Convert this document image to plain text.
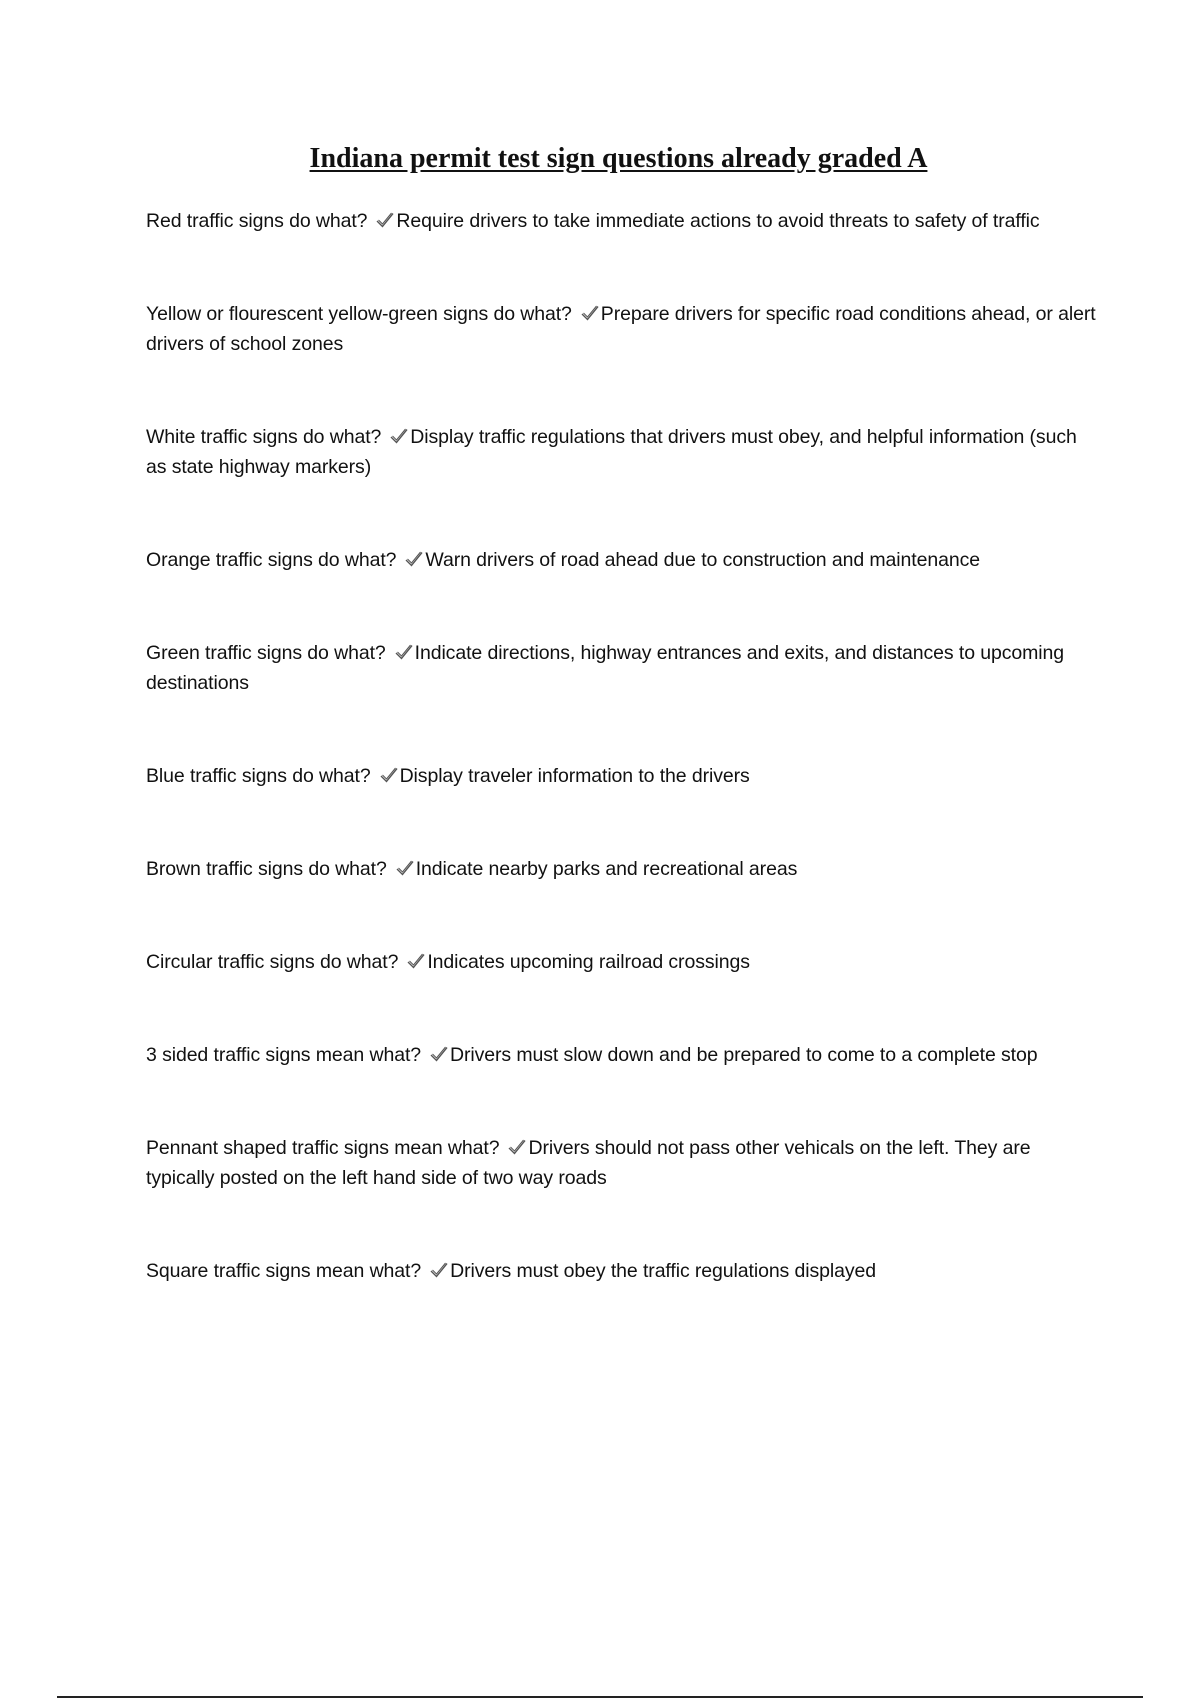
Indiana permit test sign questions already graded A

Red traffic signs do what? Require drivers to take immediate actions to avoid threats to safety of traffic

Yellow or flourescent yellow-green signs do what? Prepare drivers for specific road conditions ahead, or alert drivers of school zones

White traffic signs do what? Display traffic regulations that drivers must obey, and helpful information (such as state highway markers)

Orange traffic signs do what? Warn drivers of road ahead due to construction and maintenance

Green traffic signs do what? Indicate directions, highway entrances and exits, and distances to upcoming destinations

Blue traffic signs do what? Display traveler information to the drivers

Brown traffic signs do what? Indicate nearby parks and recreational areas

Circular traffic signs do what? Indicates upcoming railroad crossings

3 sided traffic signs mean what? Drivers must slow down and be prepared to come to a complete stop

Pennant shaped traffic signs mean what? Drivers should not pass other vehicals on the left. They are typically posted on the left hand side of two way roads

Square traffic signs mean what? Drivers must obey the traffic regulations displayed
